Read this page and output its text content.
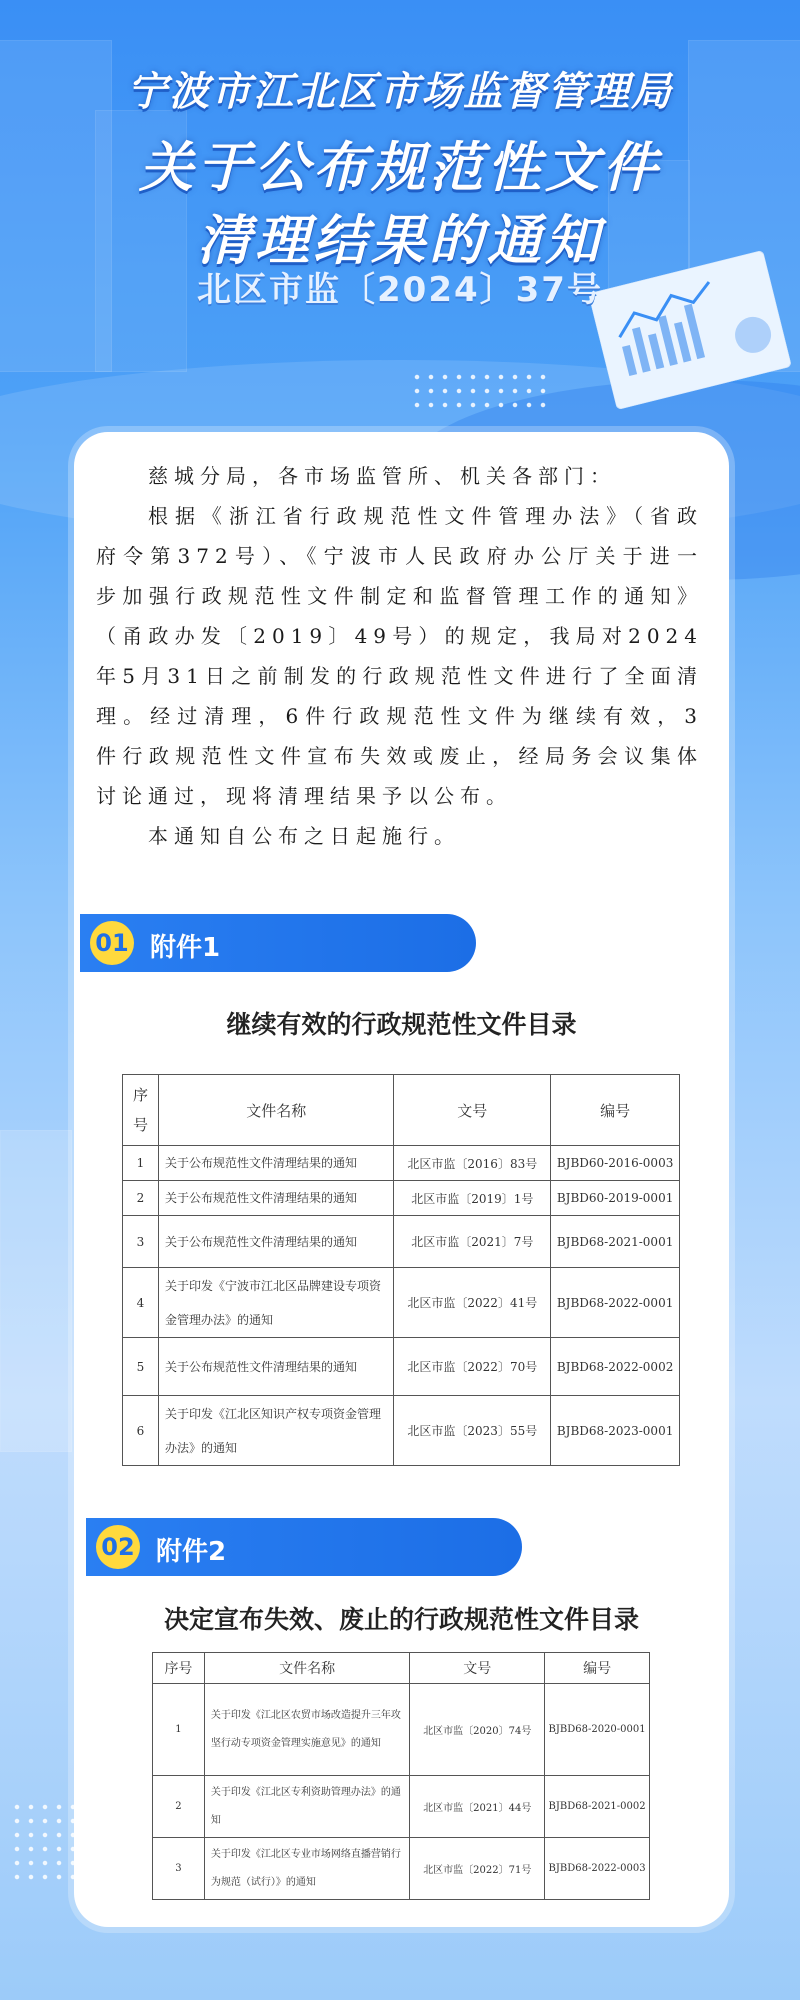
宁波市江北区市场监督管理局
关于公布规范性文件
清理结果的通知
北区市监〔2024〕37号

慈城分局，各市场监管所、机关各部门：

根据《浙江省行政规范性文件管理办法》（省政府令第372号）、《宁波市人民政府办公厅关于进一步加强行政规范性文件制定和监督管理工作的通知》（甬政办发〔2019〕49号）的规定，我局对2024年5月31日之前制发的行政规范性文件进行了全面清理。经过清理，6件行政规范性文件为继续有效，3件行政规范性文件宣布失效或废止，经局务会议集体讨论通过，现将清理结果予以公布。

本通知自公布之日起施行。

01 附件1
继续有效的行政规范性文件目录
序号	文件名称	文号	编号
1	关于公布规范性文件清理结果的通知	北区市监〔2016〕83号	BJBD60-2016-0003
2	关于公布规范性文件清理结果的通知	北区市监〔2019〕1号	BJBD60-2019-0001
3	关于公布规范性文件清理结果的通知	北区市监〔2021〕7号	BJBD68-2021-0001
4	关于印发《宁波市江北区品牌建设专项资金管理办法》的通知	北区市监〔2022〕41号	BJBD68-2022-0001
5	关于公布规范性文件清理结果的通知	北区市监〔2022〕70号	BJBD68-2022-0002
6	关于印发《江北区知识产权专项资金管理办法》的通知	北区市监〔2023〕55号	BJBD68-2023-0001
02 附件2
决定宣布失效、废止的行政规范性文件目录
序号	文件名称	文号	编号
1	关于印发《江北区农贸市场改造提升三年攻坚行动专项资金管理实施意见》的通知	北区市监〔2020〕74号	BJBD68-2020-0001
2	关于印发《江北区专利资助管理办法》的通知	北区市监〔2021〕44号	BJBD68-2021-0002
3	关于印发《江北区专业市场网络直播营销行为规范（试行）》的通知	北区市监〔2022〕71号	BJBD68-2022-0003
